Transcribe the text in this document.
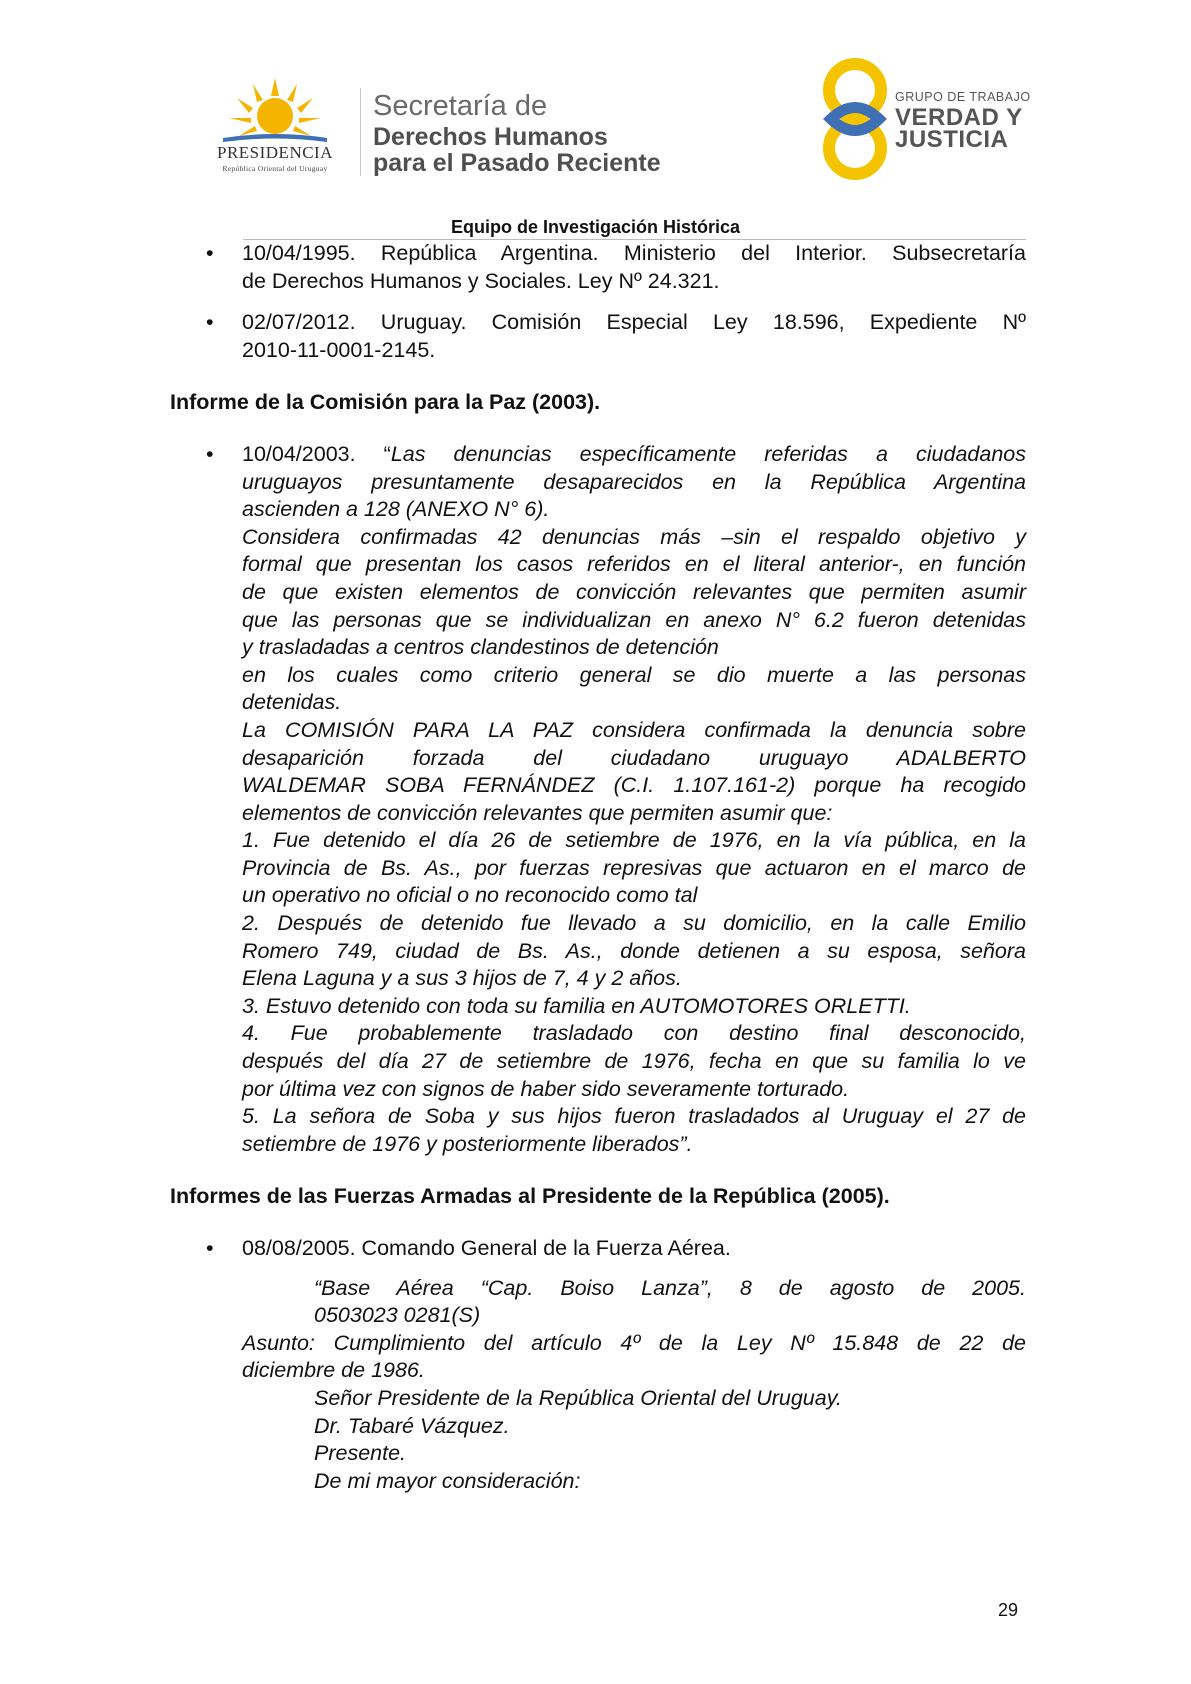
PRESIDENCIA
República Oriental del Uruguay
Secretaría de
Derechos Humanos
para el Pasado Reciente
GRUPO DE TRABAJO
VERDAD Y
JUSTICIA
Equipo de Investigación Histórica
• 10/04/1995. República Argentina. Ministerio del Interior. Subsecretaría
de Derechos Humanos y Sociales. Ley Nº 24.321.
• 02/07/2012. Uruguay. Comisión Especial Ley 18.596, Expediente Nº
2010-11-0001-2145.
Informe de la Comisión para la Paz (2003).
• 10/04/2003. “Las denuncias específicamente referidas a ciudadanos
uruguayos presuntamente desaparecidos en la República Argentina
ascienden a 128 (ANEXO N° 6).
Considera confirmadas 42 denuncias más –sin el respaldo objetivo y
formal que presentan los casos referidos en el literal anterior-, en función
de que existen elementos de convicción relevantes que permiten asumir
que las personas que se individualizan en anexo N° 6.2 fueron detenidas
y trasladadas a centros clandestinos de detención
en los cuales como criterio general se dio muerte a las personas
detenidas.
La COMISIÓN PARA LA PAZ considera confirmada la denuncia sobre
desaparición forzada del ciudadano uruguayo ADALBERTO
WALDEMAR SOBA FERNÁNDEZ (C.I. 1.107.161-2) porque ha recogido
elementos de convicción relevantes que permiten asumir que:
1. Fue detenido el día 26 de setiembre de 1976, en la vía pública, en la
Provincia de Bs. As., por fuerzas represivas que actuaron en el marco de
un operativo no oficial o no reconocido como tal
2. Después de detenido fue llevado a su domicilio, en la calle Emilio
Romero 749, ciudad de Bs. As., donde detienen a su esposa, señora
Elena Laguna y a sus 3 hijos de 7, 4 y 2 años.
3. Estuvo detenido con toda su familia en AUTOMOTORES ORLETTI.
4. Fue probablemente trasladado con destino final desconocido,
después del día 27 de setiembre de 1976, fecha en que su familia lo ve
por última vez con signos de haber sido severamente torturado.
5. La señora de Soba y sus hijos fueron trasladados al Uruguay el 27 de
setiembre de 1976 y posteriormente liberados”.
Informes de las Fuerzas Armadas al Presidente de la República (2005).
• 08/08/2005. Comando General de la Fuerza Aérea.
“Base Aérea “Cap. Boiso Lanza”, 8 de agosto de 2005.
0503023 0281(S)
Asunto: Cumplimiento del artículo 4º de la Ley Nº 15.848 de 22 de
diciembre de 1986.
Señor Presidente de la República Oriental del Uruguay.
Dr. Tabaré Vázquez.
Presente.
De mi mayor consideración:
29
